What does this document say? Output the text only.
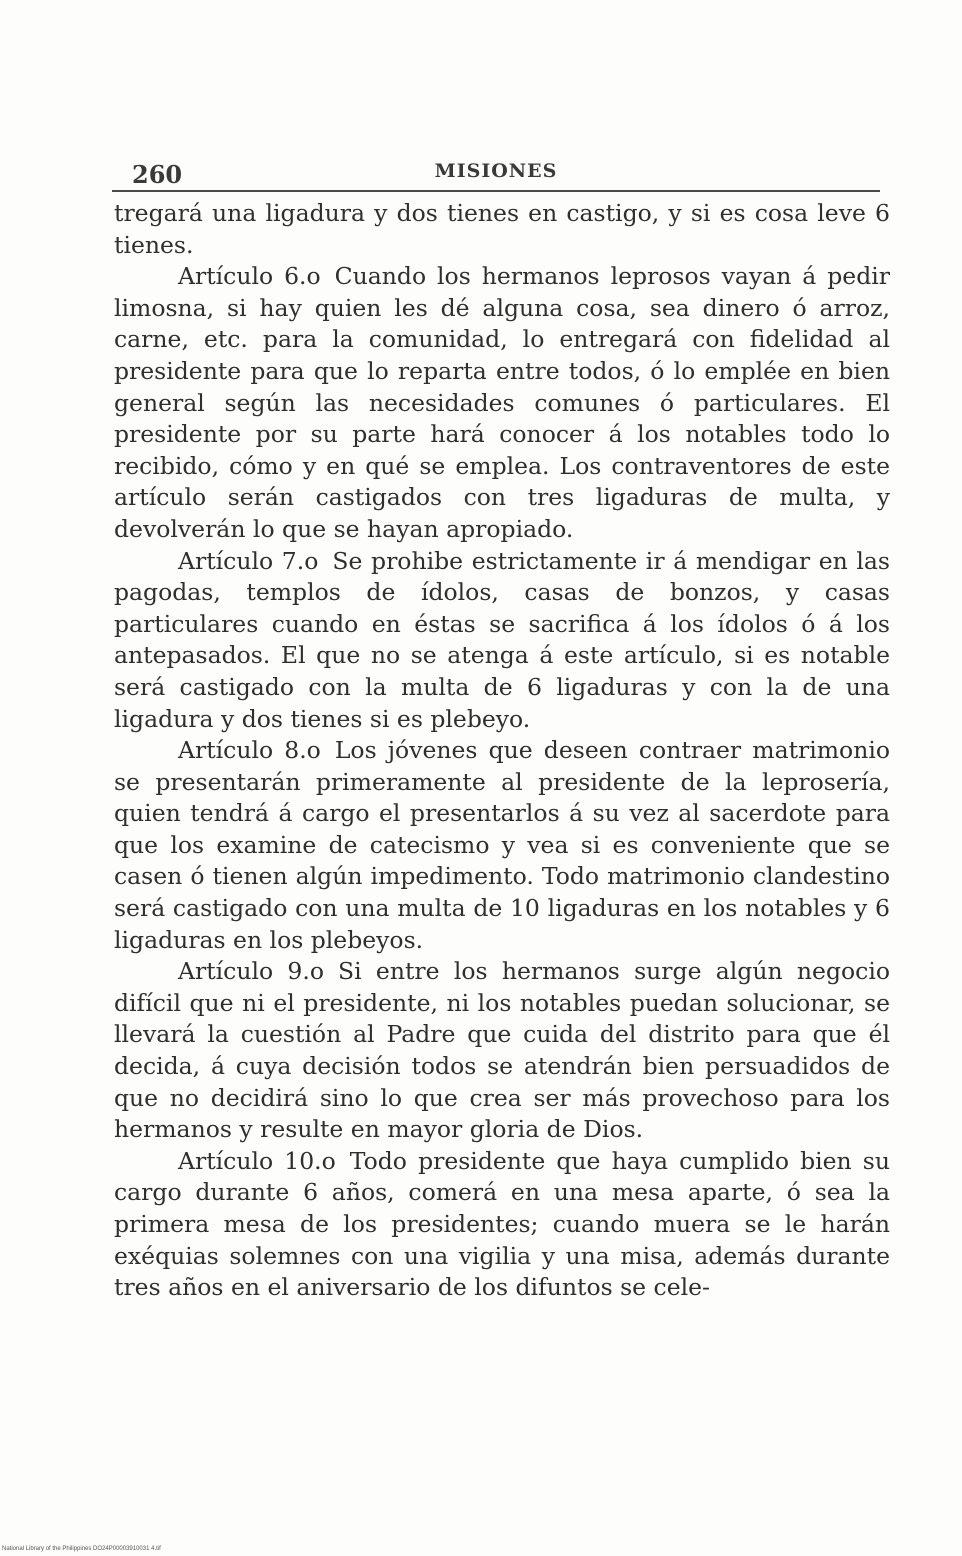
260	MISIONES

tregará una ligadura y dos tienes en castigo, y si es cosa leve 6 tienes.

Artículo 6.o Cuando los hermanos leprosos vayan á pedir limosna, si hay quien les dé alguna cosa, sea dinero ó arroz, carne, etc. para la comunidad, lo entregará con fidelidad al presidente para que lo reparta entre todos, ó lo emplée en bien general según las necesidades comunes ó particulares. El presidente por su parte hará conocer á los notables todo lo recibido, cómo y en qué se emplea. Los contraventores de este artículo serán castigados con tres ligaduras de multa, y devolverán lo que se hayan apropiado.

Artículo 7.o Se prohibe estrictamente ir á mendigar en las pagodas, templos de ídolos, casas de bonzos, y casas particulares cuando en éstas se sacrifica á los ídolos ó á los antepasados. El que no se atenga á este artículo, si es notable será castigado con la multa de 6 ligaduras y con la de una ligadura y dos tienes si es plebeyo.

Artículo 8.o Los jóvenes que deseen contraer matrimonio se presentarán primeramente al presidente de la leprosería, quien tendrá á cargo el presentarlos á su vez al sacerdote para que los examine de catecismo y vea si es conveniente que se casen ó tienen algún impedimento. Todo matrimonio clandestino será castigado con una multa de 10 ligaduras en los notables y 6 ligaduras en los plebeyos.

Artículo 9.o Si entre los hermanos surge algún negocio difícil que ni el presidente, ni los notables puedan solucionar, se llevará la cuestión al Padre que cuida del distrito para que él decida, á cuya decisión todos se atendrán bien persuadidos de que no decidirá sino lo que crea ser más provechoso para los hermanos y resulte en mayor gloria de Dios.

Artículo 10.o Todo presidente que haya cumplido bien su cargo durante 6 años, comerá en una mesa aparte, ó sea la primera mesa de los presidentes; cuando muera se le harán exéquias solemnes con una vigilia y una misa, además durante tres años en el aniversario de los difuntos se cele-

National Library of the Philippines DO24P00003910031 4.tif
